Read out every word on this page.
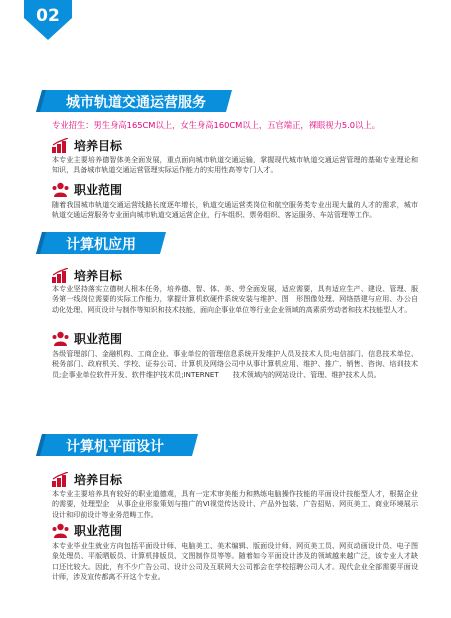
02
城市轨道交通运营服务
专业招生：男生身高165CM以上，女生身高160CM以上，五官端正，裸眼视力5.0以上。
培养目标
本专业主要培养德智体美全面发展，重点面向城市轨道交通运输，掌握现代城市轨道交通运营管理的基础专业理论和知识，具备城市轨道交通运营管理实际运作能力的实用性高等专门人才。
职业范围
随着我国城市轨道交通运营线路长度逐年增长，轨道交通运营类岗位和航空服务类专业出现大量的人才的需求，城市轨道交通运营服务专业面向城市轨道交通运营企业，行车组织、票务组织、客运服务、车站管理等工作。
计算机应用
培养目标
本专业坚持落实立德树人根本任务，培养德、智、体、美、劳全面发展，适应需要，具有适应生产、建设、管理、服务第一线岗位需要的实际工作能力，掌握计算机软硬件系统安装与维护、图　形图像处理、网络搭建与应用、办公自动化处理、网页设计与制作等知识和技术技能，面向企事业单位等行业企业领域的高素质劳动者和技术技能型人才。
职业范围
各级管理部门、金融机构、工商企业、事业单位的管理信息系统开发维护人员及技术人员;电信部门、信息技术单位、税务部门、政府机关、学校、证券公司、计算机及网络公司中从事计算机应用、维护、推广、销售、咨询、培训技术员;企事业单位软件开发、软件维护技术员;INTERNET　　技术领域内的网站设计、管理、维护技术人员。
计算机平面设计
培养目标
本专业主要培养具有较好的职业道德观，具有一定术审美能力和熟练电脑操作技能的平面设计技能型人才，根据企业的需要，处理型企　从事企业形象策划与推广的VI视觉传达设计、产品外包装、广告招贴、网页美工、商业环境展示设计和印前设计等业务范畴工作。
职业范围
本专业毕业生就业方向包括平面设计师、电脑美工、美术编辑、版面设计师、网页美工员、网页动画设计员、电子图象处理员、平版晒版员、计算机排版员、文图制作员等等。随着如今平面设计涉及的领域越来越广泛，该专业人才缺口还比较大。因此，有不少广告公司、设计公司及互联网大公司都会在学校招聘公司人才。现代企业全部需要平面设计师，涉及宣传都离不开这个专业。
